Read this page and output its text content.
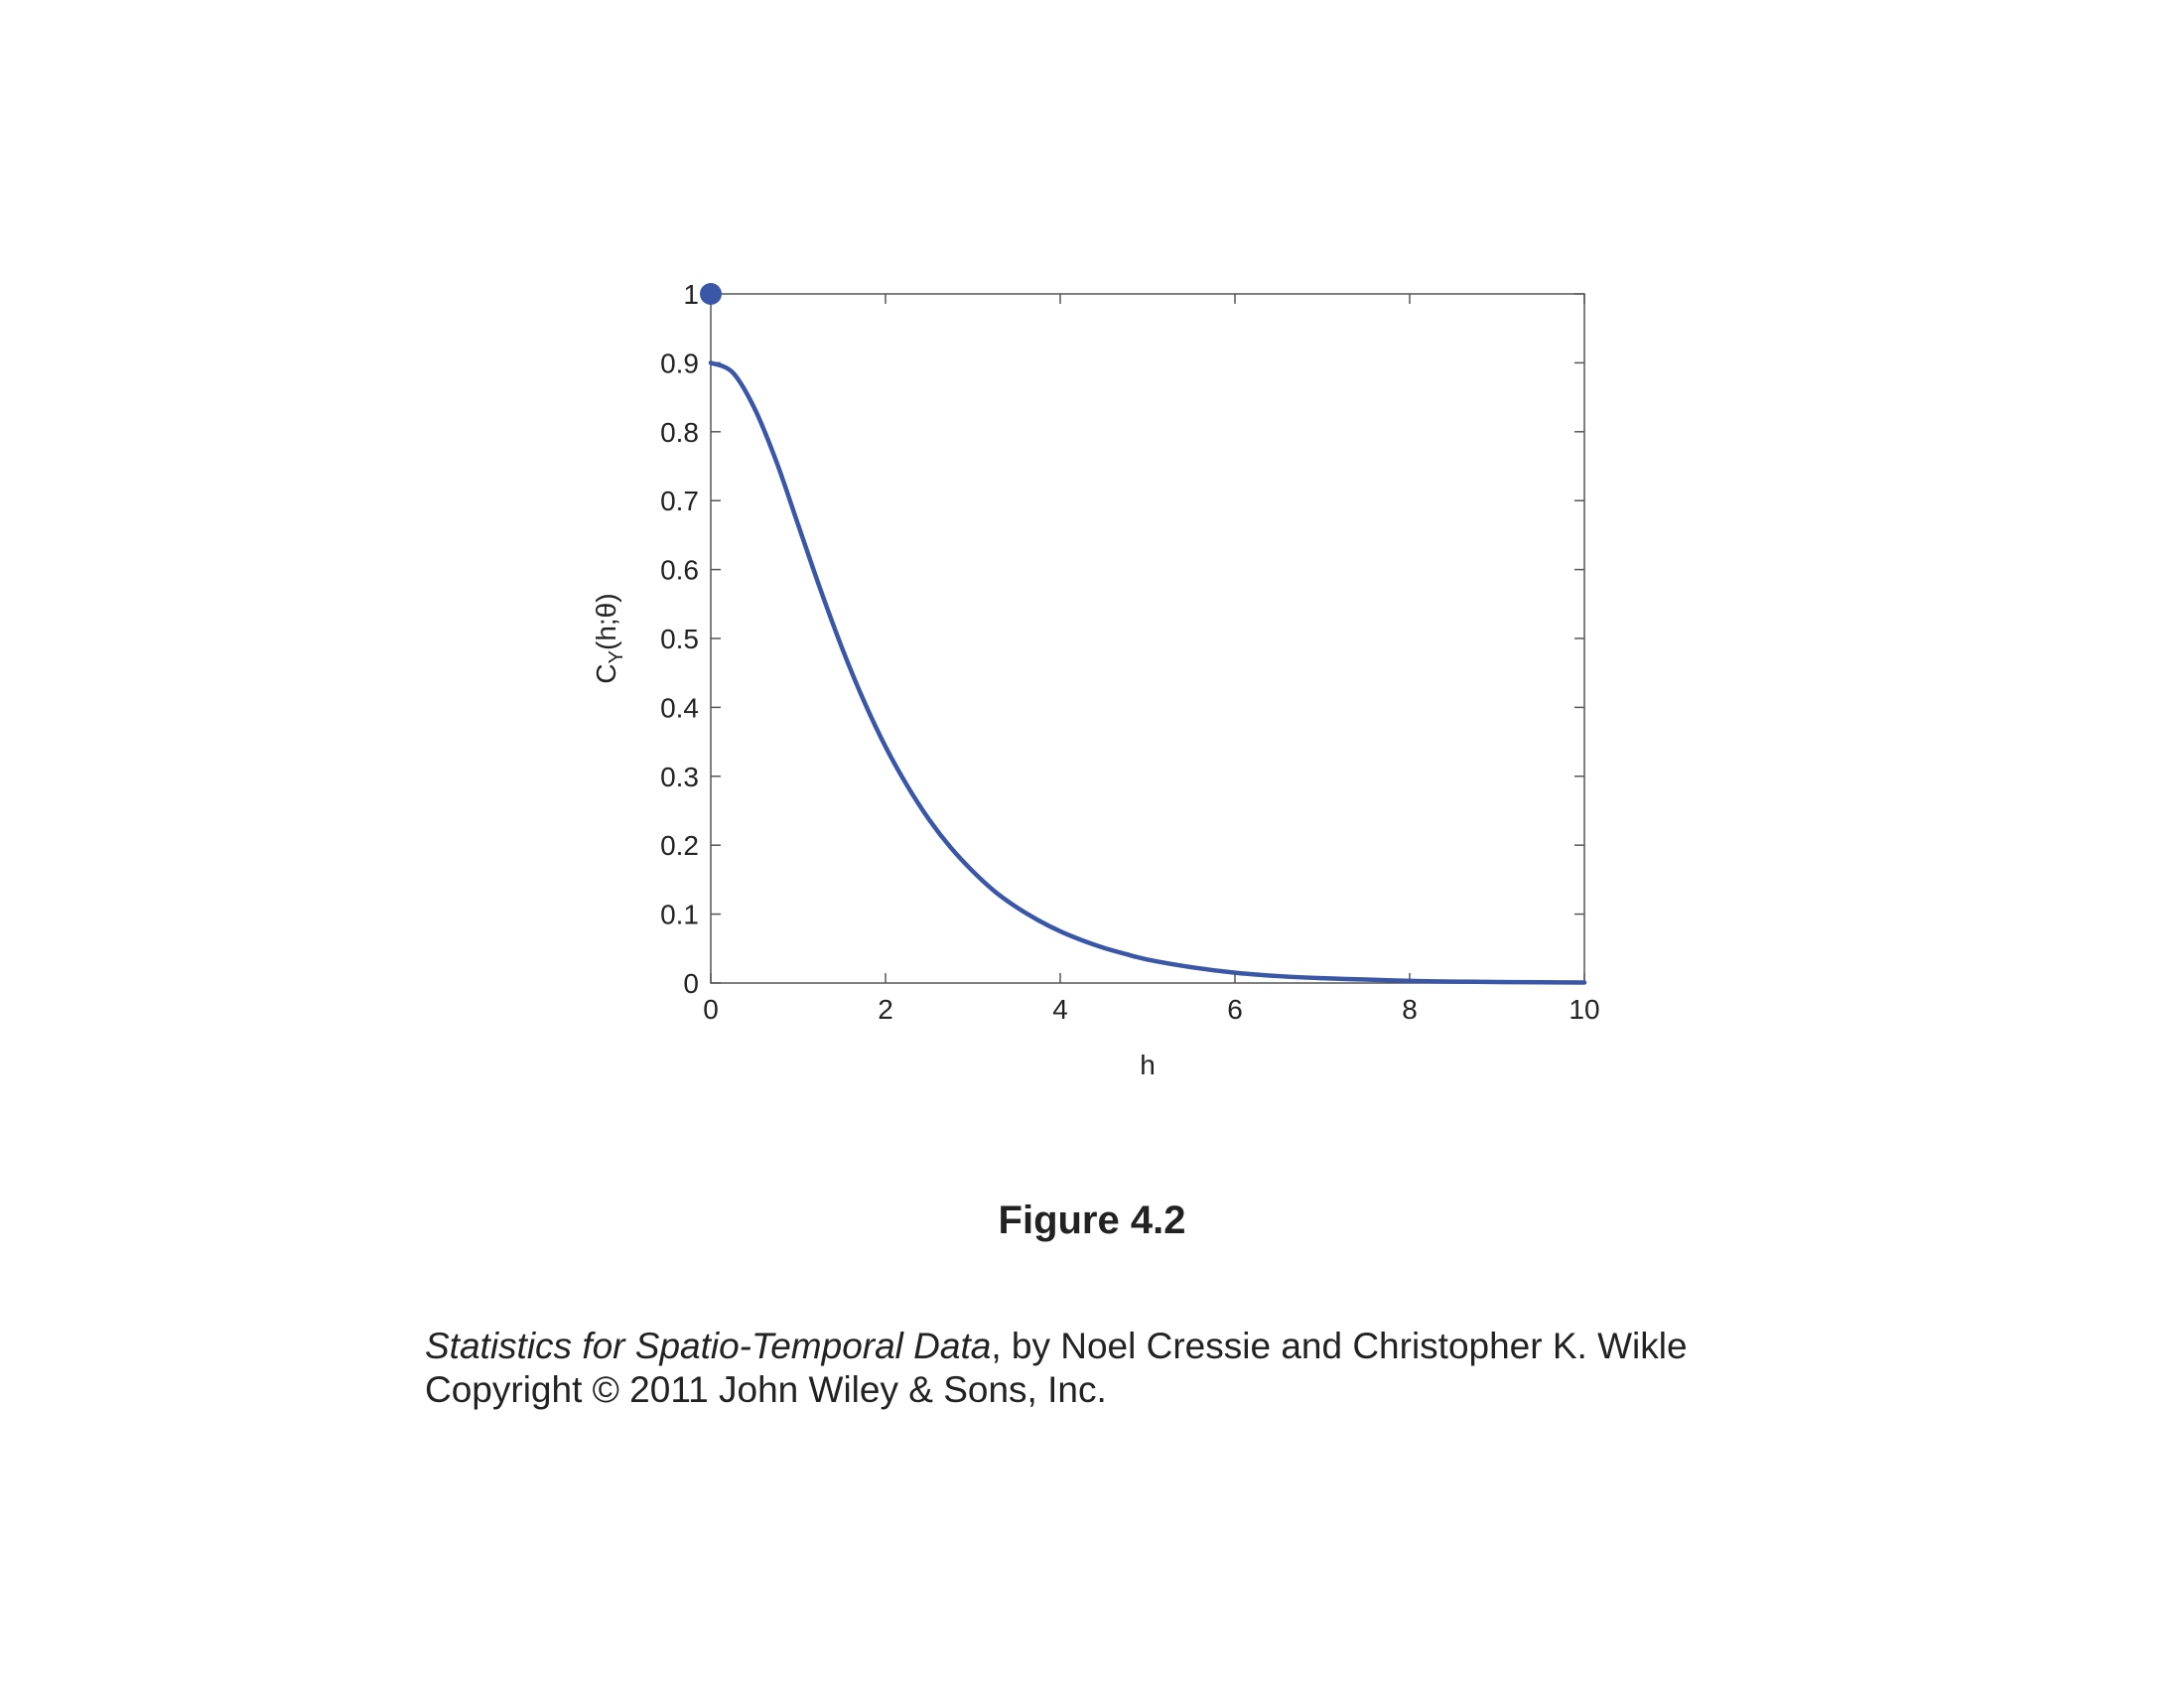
0	2	4	6	8	10
0
0.1
0.2
0.3
0.4
0.5
0.6
0.7
0.8
0.9
1
h
$C_Y(h;\theta)$
Figure 4.2
Statistics for Spatio-Temporal Data, by Noel Cressie and Christopher K. Wikle
Copyright © 2011 John Wiley & Sons, Inc.
